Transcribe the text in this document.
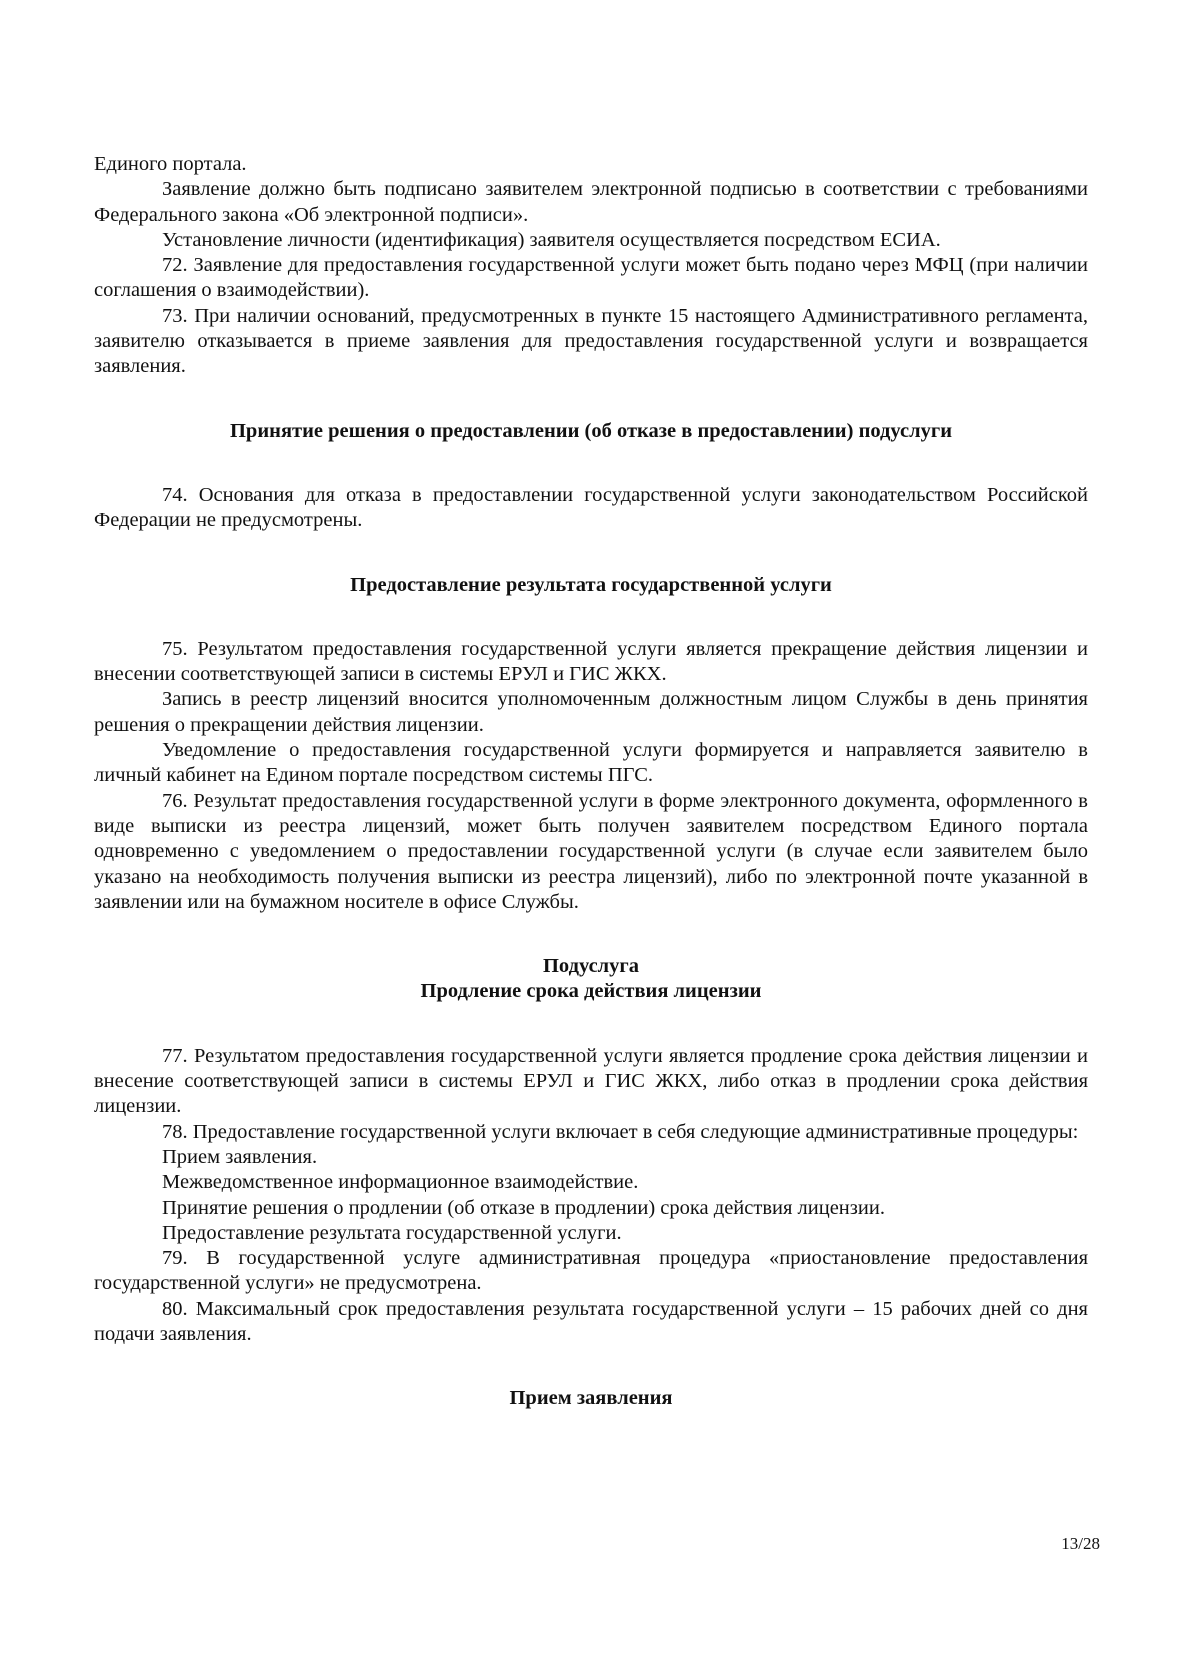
Единого портала.

Заявление должно быть подписано заявителем электронной подписью в соответствии с требованиями Федерального закона «Об электронной подписи».

Установление личности (идентификация) заявителя осуществляется посредством ЕСИА.

72. Заявление для предоставления государственной услуги может быть подано через МФЦ (при наличии соглашения о взаимодействии).

73. При наличии оснований, предусмотренных в пункте 15 настоящего Административного регламента, заявителю отказывается в приеме заявления для предоставления государственной услуги и возвращается заявления.

Принятие решения о предоставлении (об отказе в предоставлении) подуслуги

74. Основания для отказа в предоставлении государственной услуги законодательством Российской Федерации не предусмотрены.

Предоставление результата государственной услуги

75. Результатом предоставления государственной услуги является прекращение действия лицензии и внесении соответствующей записи в системы ЕРУЛ и ГИС ЖКХ.

Запись в реестр лицензий вносится уполномоченным должностным лицом Службы в день принятия решения о прекращении действия лицензии.

Уведомление о предоставления государственной услуги формируется и направляется заявителю в личный кабинет на Едином портале посредством системы ПГС.

76. Результат предоставления государственной услуги в форме электронного документа, оформленного в виде выписки из реестра лицензий, может быть получен заявителем посредством Единого портала одновременно с уведомлением о предоставлении государственной услуги (в случае если заявителем было указано на необходимость получения выписки из реестра лицензий), либо по электронной почте указанной в заявлении или на бумажном носителе в офисе Службы.

Подуслуга
Продление срока действия лицензии

77. Результатом предоставления государственной услуги является продление срока действия лицензии и внесение соответствующей записи в системы ЕРУЛ и ГИС ЖКХ, либо отказ в продлении срока действия лицензии.

78. Предоставление государственной услуги включает в себя следующие административные процедуры:

Прием заявления.

Межведомственное информационное взаимодействие.

Принятие решения о продлении (об отказе в продлении) срока действия лицензии.

Предоставление результата государственной услуги.

79. В государственной услуге административная процедура «приостановление предоставления государственной услуги» не предусмотрена.

80. Максимальный срок предоставления результата государственной услуги – 15 рабочих дней со дня подачи заявления.

Прием заявления
13/28
